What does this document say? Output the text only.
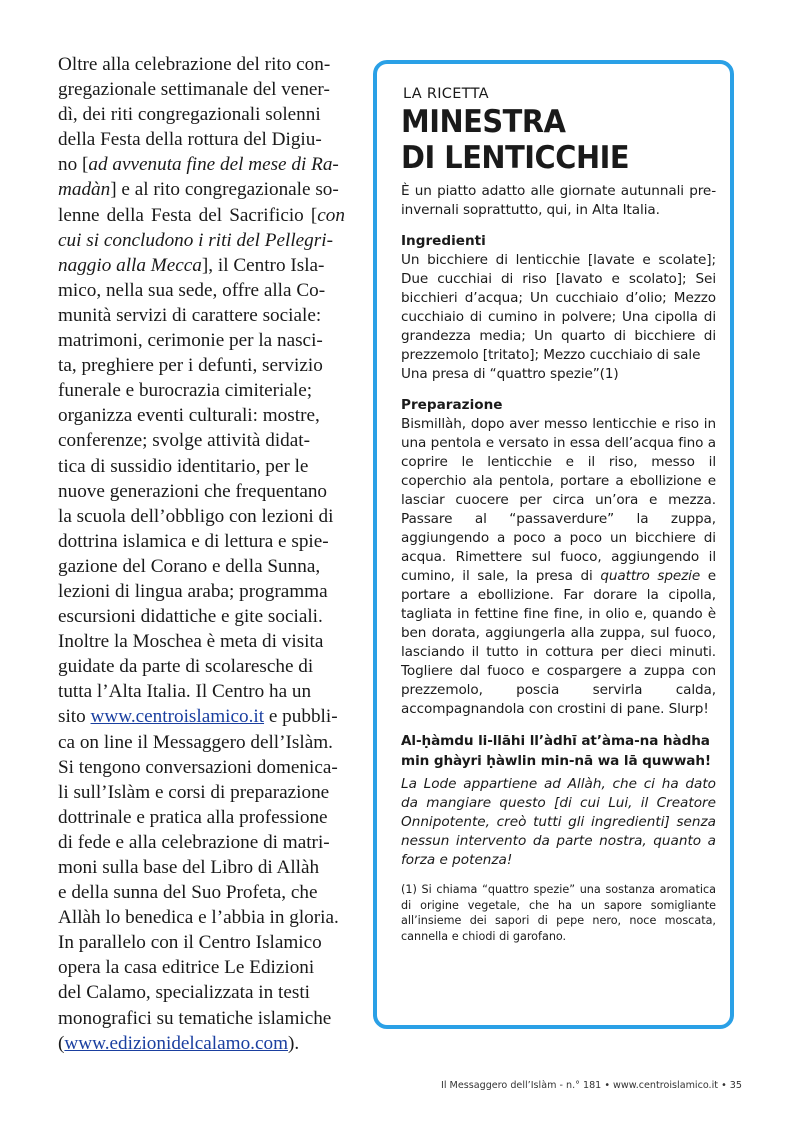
Oltre alla celebrazione del rito con-
gregazionale settimanale del vener-
dì, dei riti congregazionali solenni
della Festa della rottura del Digiu-
no [ad avvenuta fine del mese di Ra-
madàn] e al rito congregazionale so-
lenne della Festa del Sacrificio [con cui si concludono i riti del Pellegri-
naggio alla Mecca], il Centro Isla-
mico, nella sua sede, offre alla Co-
munità servizi di carattere sociale:
matrimoni, cerimonie per la nasci-
ta, preghiere per i defunti, servizio
funerale e burocrazia cimiteriale;
organizza eventi culturali: mostre,
conferenze; svolge attività didat-
tica di sussidio identitario, per le
nuove generazioni che frequentano
la scuola dell’obbligo con lezioni di
dottrina islamica e di lettura e spie-
gazione del Corano e della Sunna,
lezioni di lingua araba; programma
escursioni didattiche e gite sociali.
Inoltre la Moschea è meta di visita
guidate da parte di scolaresche di
tutta l’Alta Italia. Il Centro ha un
sito www.centroislamico.it e pubbli-
ca on line il Messaggero dell’Islàm.
Si tengono conversazioni domenica-
li sull’Islàm e corsi di preparazione
dottrinale e pratica alla professione
di fede e alla celebrazione di matri-
moni sulla base del Libro di Allàh
e della sunna del Suo Profeta, che
Allàh lo benedica e l’abbia in gloria.
In parallelo con il Centro Islamico
opera la casa editrice Le Edizioni
del Calamo, specializzata in testi
monografici su tematiche islamiche
(www.edizionidelcalamo.com).

LA RICETTA
MINESTRA
DI LENTICCHIE

È un piatto adatto alle giornate autunnali pre-invernali soprattutto, qui, in Alta Italia.

Ingredienti

Un bicchiere di lenticchie [lavate e scolate]; Due cucchiai di riso [lavato e scolato]; Sei bicchieri d’acqua; Un cucchiaio d’olio; Mezzo cucchiaio di cumino in polvere; Una cipolla di grandezza media; Un quarto di bicchiere di prezzemolo [tritato]; Mezzo cucchiaio di sale
Una presa di “quattro spezie”(1)

Preparazione

Bismillàh, dopo aver messo lenticchie e riso in una pentola e versato in essa dell’acqua fino a coprire le lenticchie e il riso, messo il coperchio ala pentola, portare a ebollizione e lasciar cuocere per circa un’ora e mezza. Passare al “passaverdure” la zuppa, aggiungendo a poco a poco un bicchiere di acqua. Rimettere sul fuoco, aggiungendo il cumino, il sale, la presa di quattro spezie e portare a ebollizione. Far dorare la cipolla, tagliata in fettine fine fine, in olio e, quando è ben dorata, aggiungerla alla zuppa, sul fuoco, lasciando il tutto in cottura per dieci minuti. Togliere dal fuoco e cospargere a zuppa con prezzemolo, poscia servirla calda, accompagnandola con crostini di pane. Slurp!

Al-ḥàmdu li-llāhi ll’àdhī at’àma-na hàdha min ghàyri ḥàwlin min-nā wa lā quwwah!

La Lode appartiene ad Allàh, che ci ha dato da mangiare questo [di cui Lui, il Creatore Onnipotente, creò tutti gli ingredienti] senza nessun intervento da parte nostra, quanto a forza e potenza!

(1) Si chiama “quattro spezie” una sostanza aromatica di origine vegetale, che ha un sapore somigliante all’insieme dei sapori di pepe nero, noce moscata, cannella e chiodi di garofano.

Il Messaggero dell’Islàm - n.° 181 • www.centroislamico.it • 35
